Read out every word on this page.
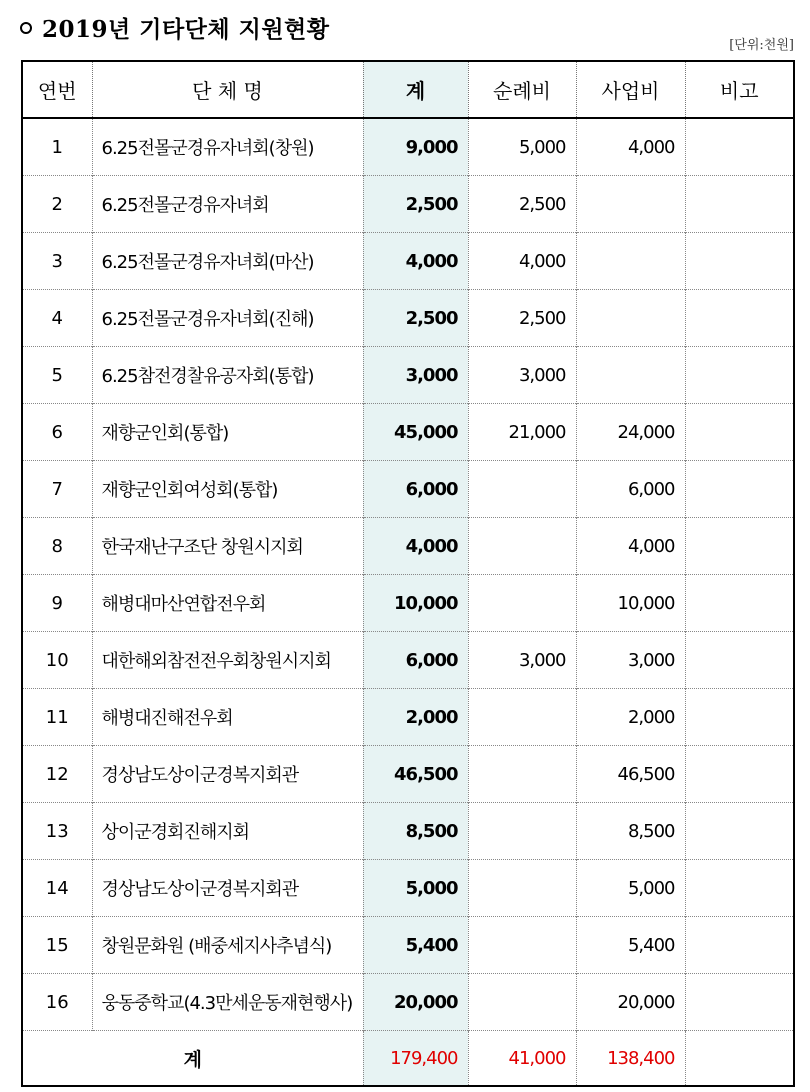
2019년 기타단체 지원현황
[단위:천원]
연번	단 체 명	계	순례비	사업비	비고
1	6.25전몰군경유자녀회(창원)	9,000	5,000	4,000	
2	6.25전몰군경유자녀회	2,500	2,500		
3	6.25전몰군경유자녀회(마산)	4,000	4,000		
4	6.25전몰군경유자녀회(진해)	2,500	2,500		
5	6.25참전경찰유공자회(통합)	3,000	3,000		
6	재향군인회(통합)	45,000	21,000	24,000	
7	재향군인회여성회(통합)	6,000		6,000	
8	한국재난구조단 창원시지회	4,000		4,000	
9	해병대마산연합전우회	10,000		10,000	
10	대한해외참전전우회창원시지회	6,000	3,000	3,000	
11	해병대진해전우회	2,000		2,000	
12	경상남도상이군경복지회관	46,500		46,500	
13	상이군경회진해지회	8,500		8,500	
14	경상남도상이군경복지회관	5,000		5,000	
15	창원문화원 (배중세지사추념식)	5,400		5,400	
16	웅동중학교(4.3만세운동재현행사)	20,000		20,000	
계		179,400	41,000	138,400	
